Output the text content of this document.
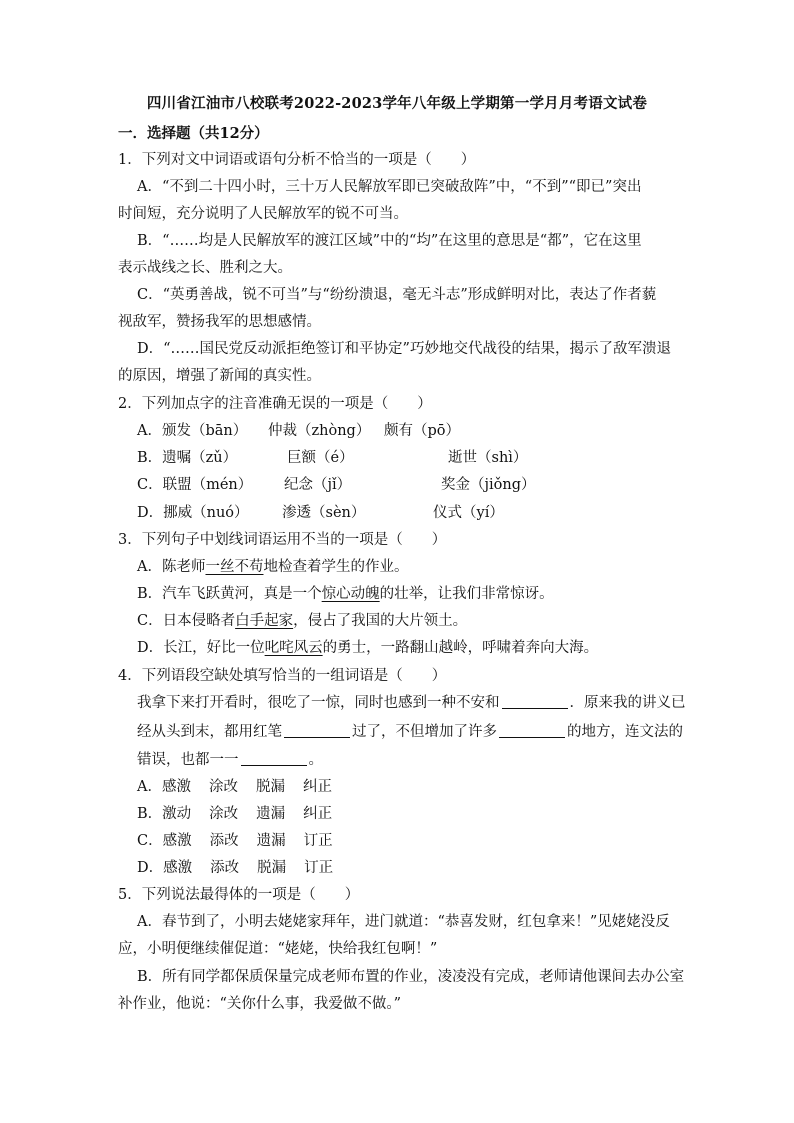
四川省江油市八校联考2022-2023学年八年级上学期第一学月月考语文试卷
一．选择题（共12分）
1．下列对文中词语或语句分析不恰当的一项是（　　）
A．“不到二十四小时，三十万人民解放军即已突破敌阵”中，“不到”“即已”突出
时间短，充分说明了人民解放军的锐不可当。
B．“……均是人民解放军的渡江区域”中的“均”在这里的意思是“都”，它在这里
表示战线之长、胜利之大。
C．“英勇善战，锐不可当”与“纷纷溃退，毫无斗志”形成鲜明对比，表达了作者藐
视敌军，赞扬我军的思想感情。
D．“……国民党反动派拒绝签订和平协定”巧妙地交代战役的结果，揭示了敌军溃退
的原因，增强了新闻的真实性。
2．下列加点字的注音准确无误的一项是（　　）
A．颁发（bān） 仲裁（zhòng） 颇有（pō）
B．遗嘱（zǔ）	巨额（é）	逝世（shì）
C．联盟（mén） 纪念（jǐ）	奖金（jiǒng）
D．挪威（nuó） 渗透（sèn）	仪式（yí）
3．下列句子中划线词语运用不当的一项是（　　）
A．陈老师一丝不苟地检查着学生的作业。
B．汽车飞跃黄河，真是一个惊心动魄的壮举，让我们非常惊讶。
C．日本侵略者白手起家，侵占了我国的大片领土。
D．长江，好比一位叱咤风云的勇士，一路翻山越岭，呼啸着奔向大海。
4．下列语段空缺处填写恰当的一组词语是（　　）
我拿下来打开看时，很吃了一惊，同时也感到一种不安和	．原来我的讲义已
经从头到末，都用红笔	过了，不但增加了许多	的地方，连文法的
错误，也都一一	。
A．感激 涂改 脱漏 纠正
B．激动 涂改 遗漏 纠正
C．感激 添改 遗漏 订正
D．感激 添改 脱漏 订正
5．下列说法最得体的一项是（　　）
A．春节到了，小明去姥姥家拜年，进门就道：“恭喜发财，红包拿来！”见姥姥没反
应，小明便继续催促道：“姥姥，快给我红包啊！”
B．所有同学都保质保量完成老师布置的作业，凌凌没有完成，老师请他课间去办公室
补作业，他说：“关你什么事，我爱做不做。”
